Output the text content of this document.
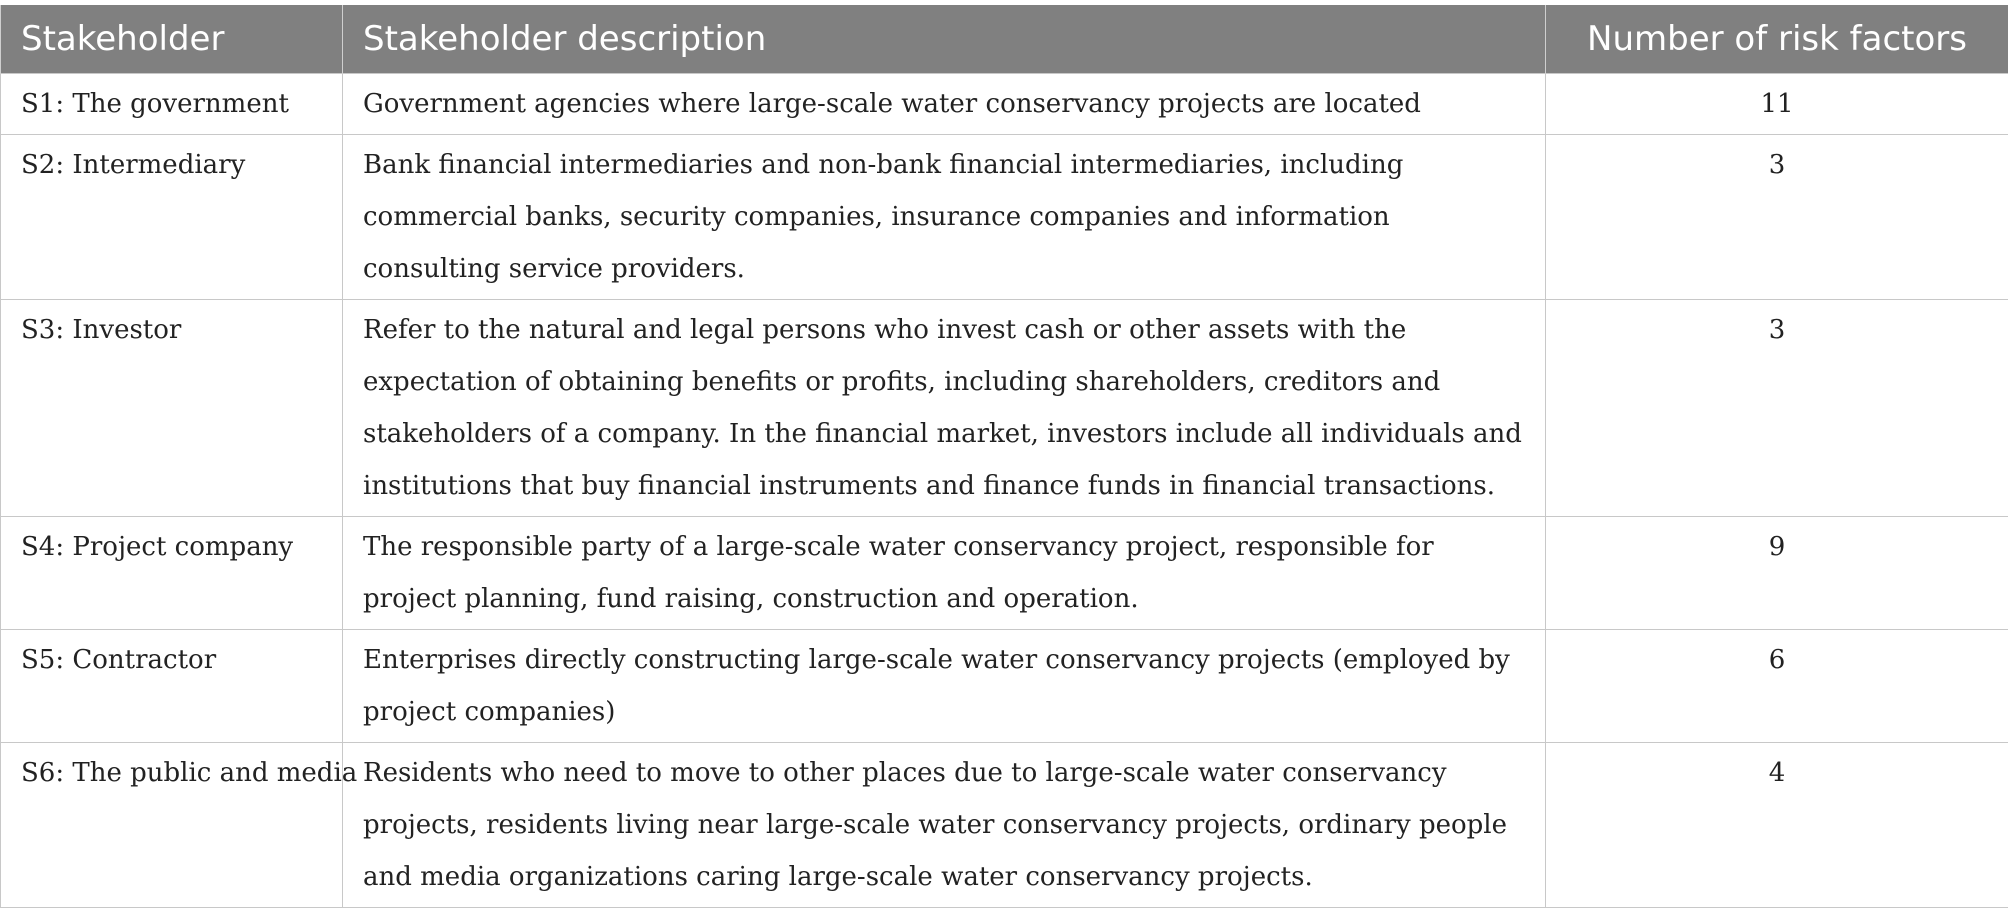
Stakeholder	Stakeholder description	Number of risk factors
S1: The government	Government agencies where large-scale water conservancy projects are located	11
S2: Intermediary	Bank financial intermediaries and non-bank financial intermediaries, including commercial banks, security companies, insurance companies and information consulting service providers.	3
S3: Investor	Refer to the natural and legal persons who invest cash or other assets with the expectation of obtaining benefits or profits, including shareholders, creditors and stakeholders of a company. In the financial market, investors include all individuals and institutions that buy financial instruments and finance funds in financial transactions.	3
S4: Project company	The responsible party of a large-scale water conservancy project, responsible for project planning, fund raising, construction and operation.	9
S5: Contractor	Enterprises directly constructing large-scale water conservancy projects (employed by project companies)	6
S6: The public and media	Residents who need to move to other places due to large-scale water conservancy projects, residents living near large-scale water conservancy projects, ordinary people and media organizations caring large-scale water conservancy projects.	4
